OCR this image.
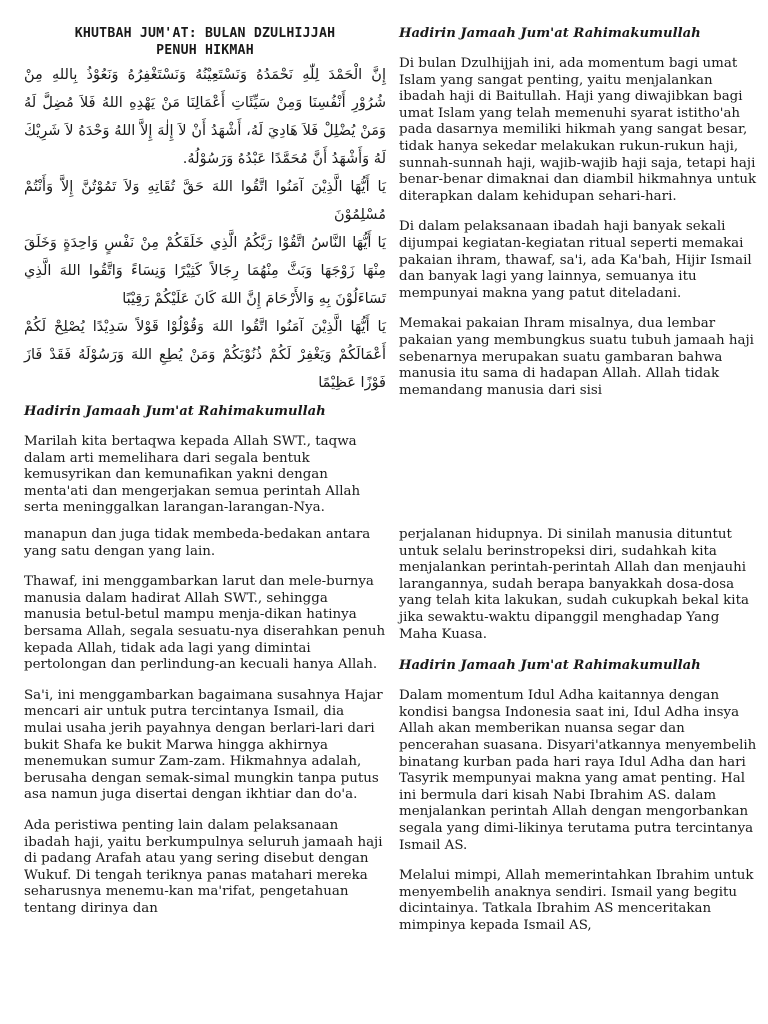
KHUTBAH JUM'AT: BULAN DZULHIJJAH

PENUH HIKMAH

إِنَّ الْحَمْدَ لِلّٰهِ نَحْمَدُهُ وَنَسْتَعِيْنُهُ وَنَسْتَغْفِرُهُ وَنَعُوْذُ بِاللهِ مِنْ شُرُوْرِ أَنْفُسِنَا وَمِنْ سَيِّئَاتِ أَعْمَالِنَا مَنْ يَهْدِهِ اللهُ فَلاَ مُضِلَّ لَهُ وَمَنْ يُضْلِلْ فَلاَ هَادِيَ لَهُ، أَشْهَدُ أَنْ لاَ إِلٰهَ إِلاَّ اللهُ وَحْدَهُ لاَ شَرِيْكَ لَهُ وَأَشْهَدُ أَنَّ مُحَمَّدًا عَبْدُهُ وَرَسُوْلُهُ.

يَا أَيُّهَا الَّذِيْنَ آمَنُوا اتَّقُوا اللهَ حَقَّ تُقَاتِهِ وَلاَ تَمُوْتُنَّ إِلاَّ وَأَنْتُمْ مُسْلِمُوْنَ

يَا أَيُّهَا النَّاسُ اتَّقُوْا رَبَّكُمُ الَّذِي خَلَقَكُمْ مِنْ نَفْسٍ وَاحِدَةٍ وَخَلَقَ مِنْهَا زَوْجَهَا وَبَثَّ مِنْهُمَا رِجَالاً كَثِيْرًا وَنِسَاءً وَاتَّقُوا اللهَ الَّذِي تَسَاءَلُوْنَ بِهِ وَالأَرْحَامَ إِنَّ اللهَ كَانَ عَلَيْكُمْ رَقِيْبًا

يَا أَيُّهَا الَّذِيْنَ آمَنُوا اتَّقُوا اللهَ وَقُوْلُوْا قَوْلاً سَدِيْدًا يُصْلِحْ لَكُمْ أَعْمَالَكُمْ وَيَغْفِرْ لَكُمْ ذُنُوْبَكُمْ وَمَنْ يُطِعِ اللهَ وَرَسُوْلَهُ فَقَدْ فَازَ فَوْزًا عَظِيْمًا

Hadirin Jamaah Jum'at Rahimakumullah

Marilah kita bertaqwa kepada Allah SWT., taqwa dalam arti memelihara dari segala bentuk kemusyrikan dan kemunafikan yakni dengan menta'ati dan mengerjakan semua perintah Allah serta meninggalkan larangan-larangan-Nya.

Hadirin Jamaah Jum'at Rahimakumullah

Di bulan Dzulhijjah ini, ada momentum bagi umat Islam yang sangat penting, yaitu menjalankan ibadah haji di Baitullah. Haji yang diwajibkan bagi umat Islam yang telah memenuhi syarat istitho'ah pada dasarnya memiliki hikmah yang sangat besar, tidak hanya sekedar melakukan rukun-rukun haji, sunnah-sunnah haji, wajib-wajib haji saja, tetapi haji benar-benar dimaknai dan diambil hikmahnya untuk diterapkan dalam kehidupan sehari-hari.

Di dalam pelaksanaan ibadah haji banyak sekali dijumpai kegiatan-kegiatan ritual seperti memakai pakaian ihram, thawaf, sa'i, ada Ka'bah, Hijir Ismail dan banyak lagi yang lainnya, semuanya itu mempunyai makna yang patut diteladani.

Memakai pakaian Ihram misalnya, dua lembar pakaian yang membungkus suatu tubuh jamaah haji sebenarnya merupakan suatu gambaran bahwa manusia itu sama di hadapan Allah. Allah tidak memandang manusia dari sisi

manapun dan juga tidak membeda-bedakan antara yang satu dengan yang lain.

Thawaf, ini menggambarkan larut dan mele-burnya manusia dalam hadirat Allah SWT., sehingga manusia betul-betul mampu menja-dikan hatinya bersama Allah, segala sesuatu-nya diserahkan penuh kepada Allah, tidak ada lagi yang dimintai pertolongan dan perlindung-an kecuali hanya Allah.

Sa'i, ini menggambarkan bagaimana susahnya Hajar mencari air untuk putra tercintanya Ismail, dia mulai usaha jerih payahnya dengan berlari-lari dari bukit Shafa ke bukit Marwa hingga akhirnya menemukan sumur Zam-zam. Hikmahnya adalah, berusaha dengan semak-simal mungkin tanpa putus asa namun juga disertai dengan ikhtiar dan do'a.

Ada peristiwa penting lain dalam pelaksanaan ibadah haji, yaitu berkumpulnya seluruh jamaah haji di padang Arafah atau yang sering disebut dengan Wukuf. Di tengah teriknya panas matahari mereka seharusnya menemu-kan ma'rifat, pengetahuan tentang dirinya dan

perjalanan hidupnya. Di sinilah manusia dituntut untuk selalu berinstropeksi diri, sudahkah kita menjalankan perintah-perintah Allah dan menjauhi larangannya, sudah berapa banyakkah dosa-dosa yang telah kita lakukan, sudah cukupkah bekal kita jika sewaktu-waktu dipanggil menghadap Yang Maha Kuasa.

Hadirin Jamaah Jum'at Rahimakumullah

Dalam momentum Idul Adha kaitannya dengan kondisi bangsa Indonesia saat ini, Idul Adha insya Allah akan memberikan nuansa segar dan pencerahan suasana. Disyari'atkannya menyembelih binatang kurban pada hari raya Idul Adha dan hari Tasyrik mempunyai makna yang amat penting. Hal ini bermula dari kisah Nabi Ibrahim AS. dalam menjalankan perintah Allah dengan mengorbankan segala yang dimi-likinya terutama putra tercintanya Ismail AS.

Melalui mimpi, Allah memerintahkan Ibrahim untuk menyembelih anaknya sendiri. Ismail yang begitu dicintainya. Tatkala Ibrahim AS menceritakan mimpinya kepada Ismail AS,
